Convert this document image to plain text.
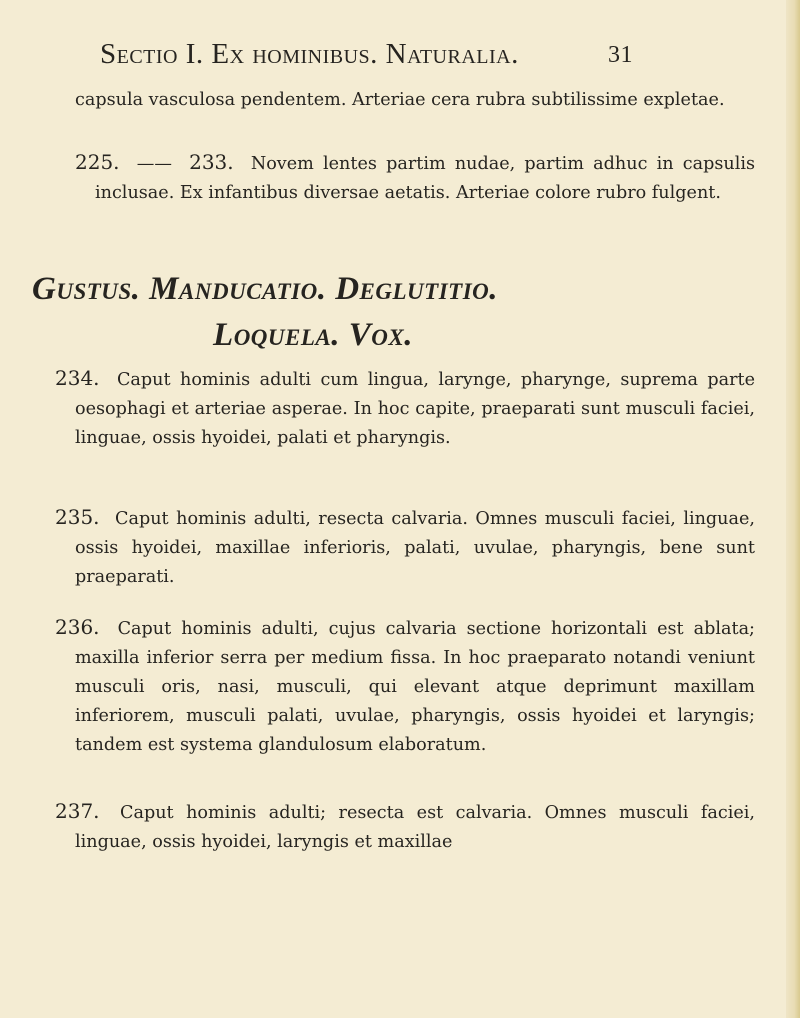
Sectio I. Ex hominibus. Naturalia.	31

capsula vasculosa pendentem. Arteriae cera rubra subtilissime expletae.

225. —— 233. Novem lentes partim nudae, partim adhuc in capsulis inclusae. Ex infantibus diversae aetatis. Arteriae colore rubro fulgent.

Gustus. Manducatio. Deglutitio.
Loquela. Vox.

234. Caput hominis adulti cum lingua, larynge, pharynge, suprema parte oesophagi et arteriae asperae. In hoc capite, praeparati sunt musculi faciei, linguae, ossis hyoidei, palati et pharyngis.

235. Caput hominis adulti, resecta calvaria. Omnes musculi faciei, linguae, ossis hyoidei, maxillae inferioris, palati, uvulae, pharyngis, bene sunt praeparati.

236. Caput hominis adulti, cujus calvaria sectione horizontali est ablata; maxilla inferior serra per medium fissa. In hoc praeparato notandi veniunt musculi oris, nasi, musculi, qui elevant atque deprimunt maxillam inferiorem, musculi palati, uvulae, pharyngis, ossis hyoidei et laryngis; tandem est systema glandulosum elaboratum.

237. Caput hominis adulti; resecta est calvaria. Omnes musculi faciei, linguae, ossis hyoidei, laryngis et maxillae
